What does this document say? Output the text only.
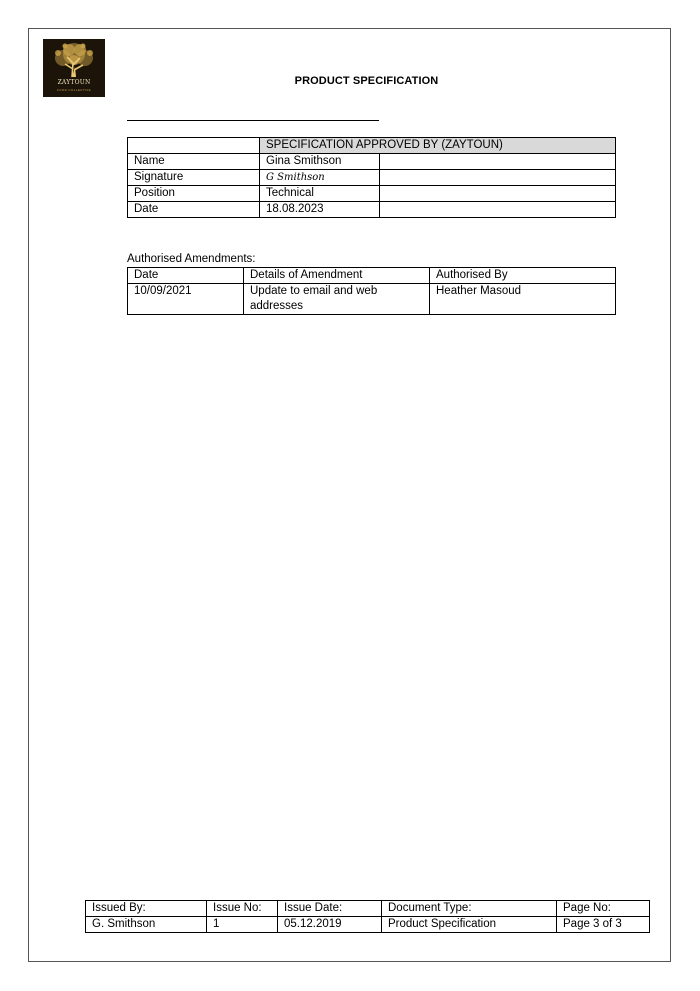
ZAYTOUN
FOOD COLLECTIVE
PRODUCT SPECIFICATION
	SPECIFICATION APPROVED BY (ZAYTOUN)	
Name	Gina Smithson	
Signature	G Smithson	
Position	Technical	
Date	18.08.2023	
Authorised Amendments:
Date	Details of Amendment	Authorised By
10/09/2021	Update to email and web addresses	Heather Masoud
Issued By:	Issue No:	Issue Date:	Document Type:	Page No:
G. Smithson	1	05.12.2019	Product Specification	Page 3 of 3
